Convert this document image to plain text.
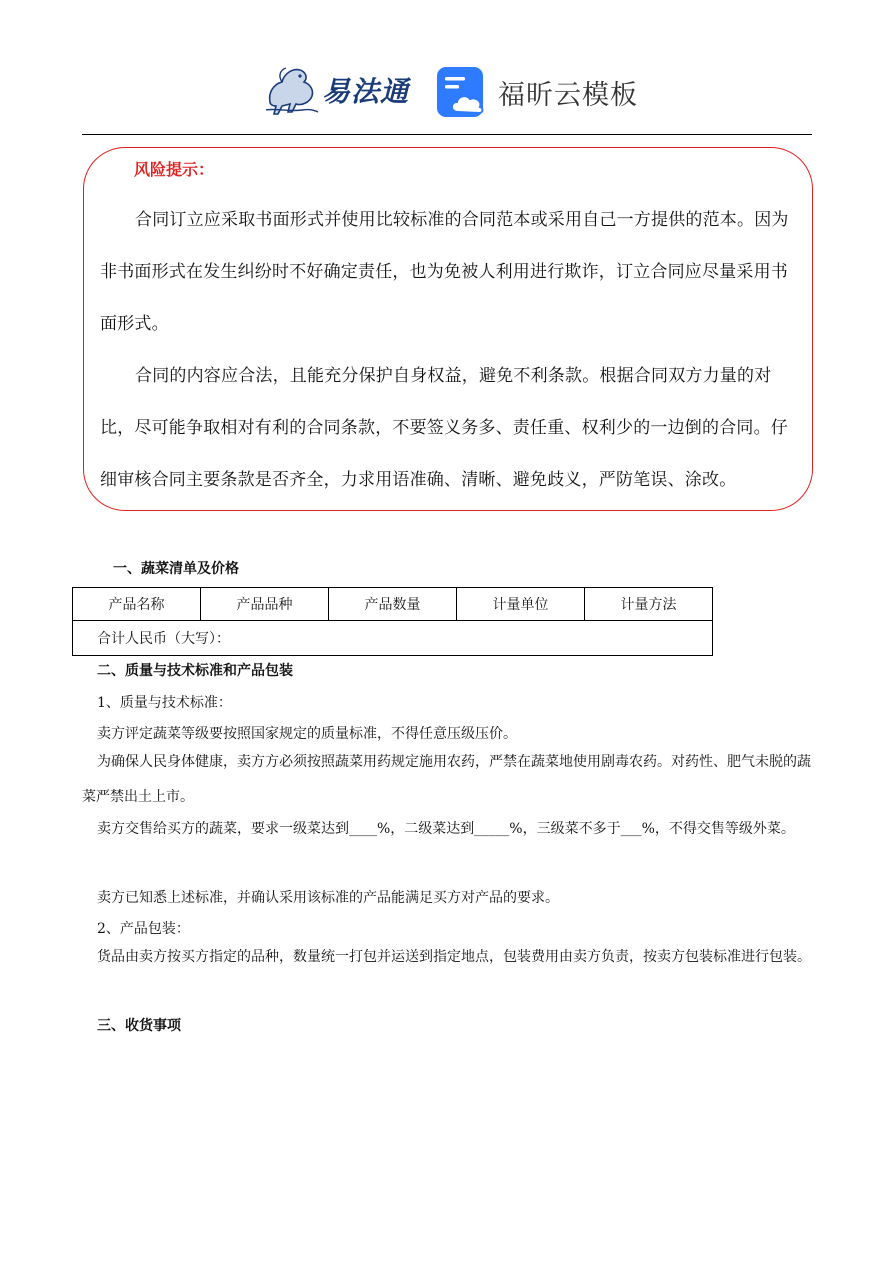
易法通	福昕云模板
风险提示：

合同订立应采取书面形式并使用比较标准的合同范本或采用自己一方提供的范本。因为非书面形式在发生纠纷时不好确定责任，也为免被人利用进行欺诈，订立合同应尽量采用书面形式。

合同的内容应合法，且能充分保护自身权益，避免不利条款。根据合同双方力量的对比，尽可能争取相对有利的合同条款，不要签义务多、责任重、权利少的一边倒的合同。仔细审核合同主要条款是否齐全，力求用语准确、清晰、避免歧义，严防笔误、涂改。

一、蔬菜清单及价格
产品名称	产品品种	产品数量	计量单位	计量方法
合计人民币（大写）：
二、质量与技术标准和产品包装

1、质量与技术标准：

卖方评定蔬菜等级要按照国家规定的质量标准，不得任意压级压价。

为确保人民身体健康，卖方方必须按照蔬菜用药规定施用农药，严禁在蔬菜地使用剧毒农药。对药性、肥气未脱的蔬菜严禁出土上市。

卖方交售给买方的蔬菜，要求一级菜达到____%，二级菜达到_____%，三级菜不多于___%，不得交售等级外菜。

卖方已知悉上述标准，并确认采用该标准的产品能满足买方对产品的要求。

2、产品包装：

货品由卖方按买方指定的品种，数量统一打包并运送到指定地点，包装费用由卖方负责，按卖方包装标准进行包装。

三、收货事项
